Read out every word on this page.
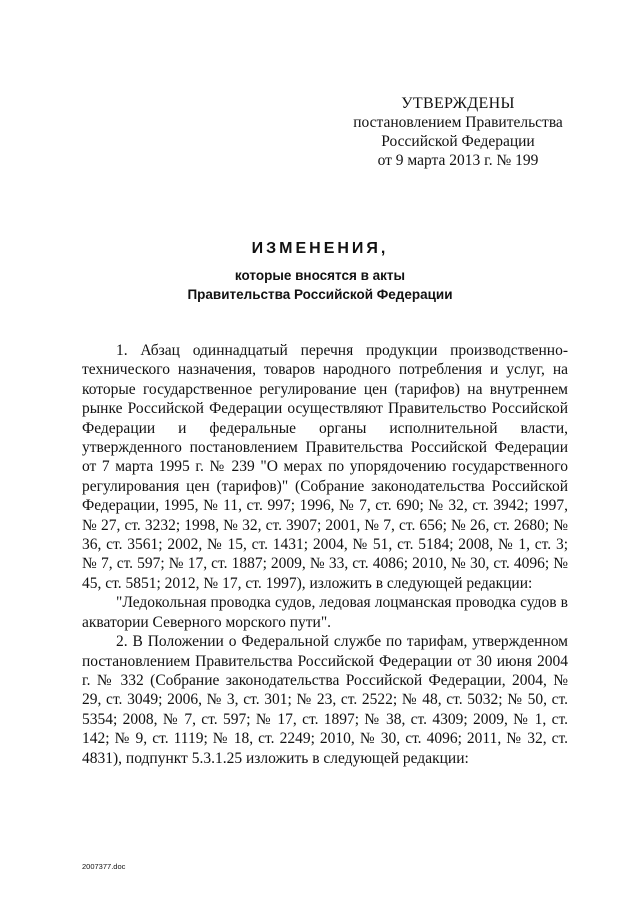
УТВЕРЖДЕНЫ
постановлением Правительства
Российской Федерации
от 9 марта 2013 г. № 199
ИЗМЕНЕНИЯ,
которые вносятся в акты
Правительства Российской Федерации

1. Абзац одиннадцатый перечня продукции производственно-технического назначения, товаров народного потребления и услуг, на которые государственное регулирование цен (тарифов) на внутреннем рынке Российской Федерации осуществляют Правительство Российской Федерации и федеральные органы исполнительной власти, утвержденного постановлением Правительства Российской Федерации от 7 марта 1995 г. № 239 "О мерах по упорядочению государственного регулирования цен (тарифов)" (Собрание законодательства Российской Федерации, 1995, № 11, ст. 997; 1996, № 7, ст. 690; № 32, ст. 3942; 1997, № 27, ст. 3232; 1998, № 32, ст. 3907; 2001, № 7, ст. 656; № 26, ст. 2680; № 36, ст. 3561; 2002, № 15, ст. 1431; 2004, № 51, ст. 5184; 2008, № 1, ст. 3; № 7, ст. 597; № 17, ст. 1887; 2009, № 33, ст. 4086; 2010, № 30, ст. 4096; № 45, ст. 5851; 2012, № 17, ст. 1997), изложить в следующей редакции:

"Ледокольная проводка судов, ледовая лоцманская проводка судов в акватории Северного морского пути".

2. В Положении о Федеральной службе по тарифам, утвержденном постановлением Правительства Российской Федерации от 30 июня 2004 г. № 332 (Собрание законодательства Российской Федерации, 2004, № 29, ст. 3049; 2006, № 3, ст. 301; № 23, ст. 2522; № 48, ст. 5032; № 50, ст. 5354; 2008, № 7, ст. 597; № 17, ст. 1897; № 38, ст. 4309; 2009, № 1, ст. 142; № 9, ст. 1119; № 18, ст. 2249; 2010, № 30, ст. 4096; 2011, № 32, ст. 4831), подпункт 5.3.1.25 изложить в следующей редакции:

2007377.doc
